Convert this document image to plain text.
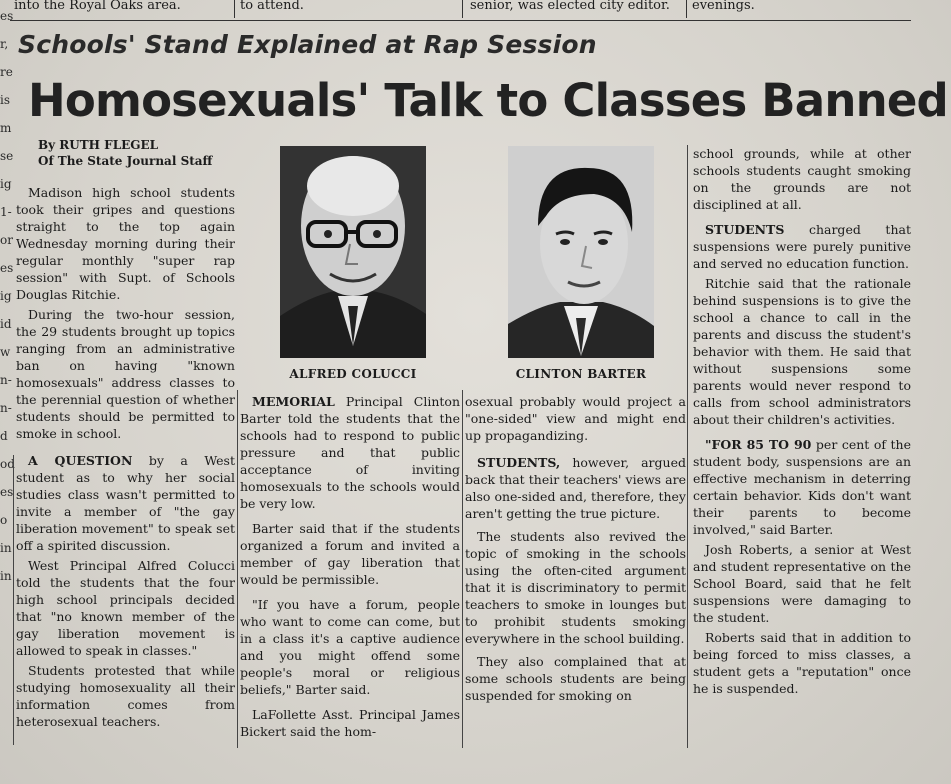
into the Royal Oaks area.	to attend.	senior, was elected city editor. evenings.
es
r,
re
is
m
se
ig
1-
or
es
ig
id
w
n-
n-
d
od
es
o
in
in
Schools' Stand Explained at Rap Session
Homosexuals' Talk to Classes Banned
By RUTH FLEGEL
Of The State Journal Staff
ALFRED COLUCCI	CLINTON BARTER

Madison high school students took their gripes and questions straight to the top again Wednesday morning during their regular monthly "super rap session" with Supt. of Schools Douglas Ritchie.

During the two-hour session, the 29 students brought up topics ranging from an administrative ban on having "known homosexuals" address classes to the perennial question of whether students should be permitted to smoke in school.

A QUESTION by a West student as to why her social studies class wasn't permitted to invite a member of "the gay liberation movement" to speak set off a spirited discussion.

West Principal Alfred Colucci told the students that the four high school principals decided that "no known member of the gay liberation movement is allowed to speak in classes."

Students protested that while studying homosexuality all their information comes from heterosexual teachers.

MEMORIAL Principal Clinton Barter told the students that the schools had to respond to public pressure and that public acceptance of inviting homosexuals to the schools would be very low.

Barter said that if the students organized a forum and invited a member of gay liberation that would be permissible.

"If you have a forum, people who want to come can come, but in a class it's a captive audience and you might offend some people's moral or religious beliefs," Barter said.

LaFollette Asst. Principal James Bickert said the hom-

osexual probably would project a "one-sided" view and might end up propagandizing.

STUDENTS, however, argued back that their teachers' views are also one-sided and, therefore, they aren't getting the true picture.

The students also revived the topic of smoking in the schools using the often-cited argument that it is discriminatory to permit teachers to smoke in lounges but to prohibit students smoking everywhere in the school building.

They also complained that at some schools students are being suspended for smoking on

school grounds, while at other schools students caught smoking on the grounds are not disciplined at all.

STUDENTS charged that suspensions were purely punitive and served no education function.

Ritchie said that the rationale behind suspensions is to give the school a chance to call in the parents and discuss the student's behavior with them. He said that without suspensions some parents would never respond to calls from school administrators about their children's activities.

"FOR 85 TO 90 per cent of the student body, suspensions are an effective mechanism in deterring certain behavior. Kids don't want their parents to become involved," said Barter.

Josh Roberts, a senior at West and student representative on the School Board, said that he felt suspensions were damaging to the student.

Roberts said that in addition to being forced to miss classes, a student gets a "reputation" once he is suspended.
